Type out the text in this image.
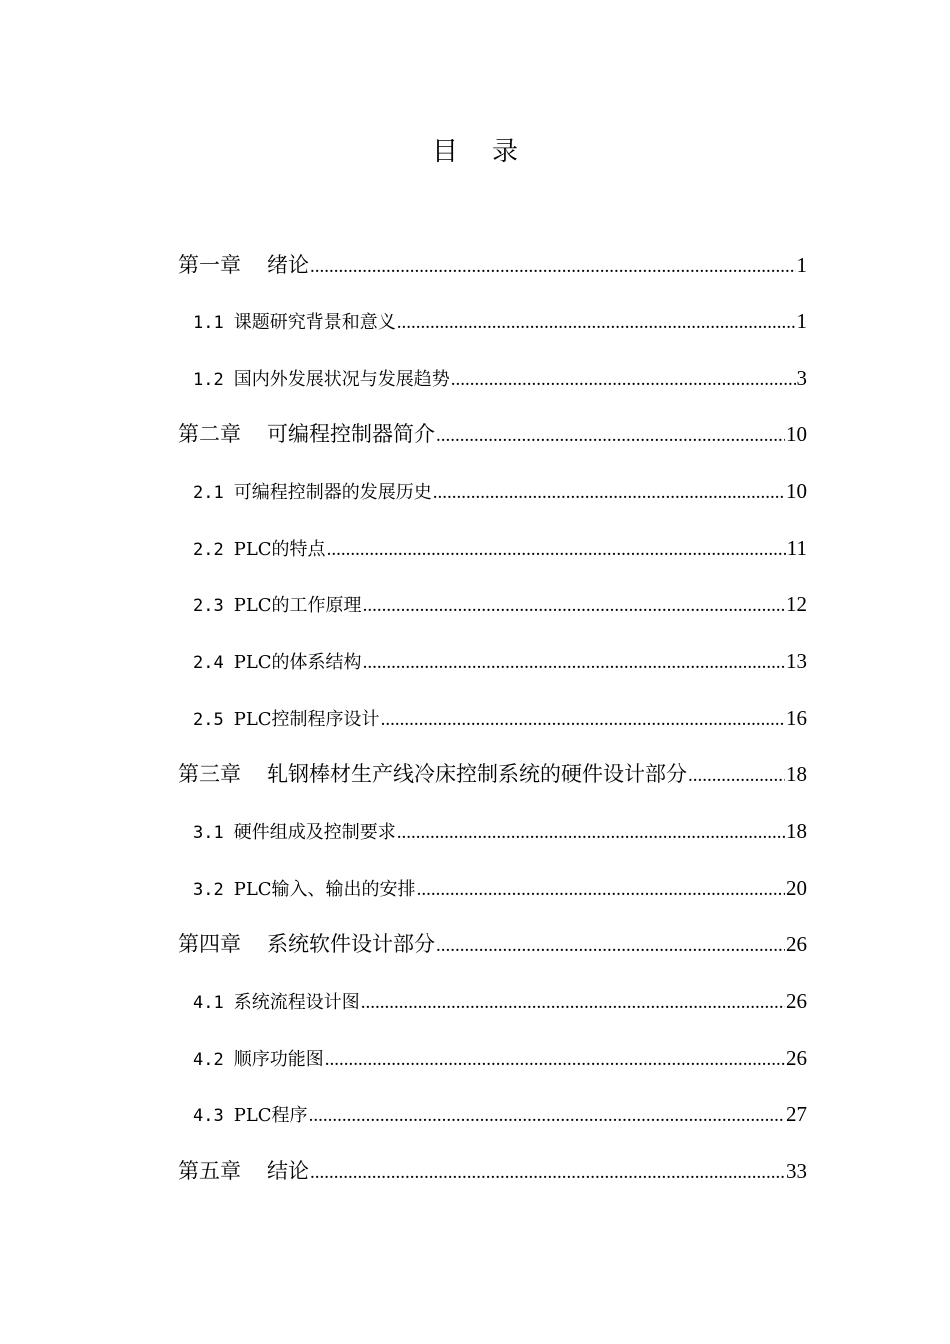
目 录
第一章 绪论 .....	1
1.1 课题研究背景和意义 .....	1
1.2 国内外发展状况与发展趋势 .....	3
第二章 可编程控制器简介 .....	10
2.1 可编程控制器的发展历史 .....	10
2.2 PLC的特点 .....	11
2.3 PLC的工作原理 .....	12
2.4 PLC的体系结构 .....	13
2.5 PLC控制程序设计 .....	16
第三章 轧钢棒材生产线冷床控制系统的硬件设计部分 .....	18
3.1 硬件组成及控制要求 .....	18
3.2 PLC输入、输出的安排 .....	20
第四章 系统软件设计部分 .....	26
4.1 系统流程设计图 .....	26
4.2 顺序功能图 .....	26
4.3 PLC程序 .....	27
第五章 结论 .....	33
